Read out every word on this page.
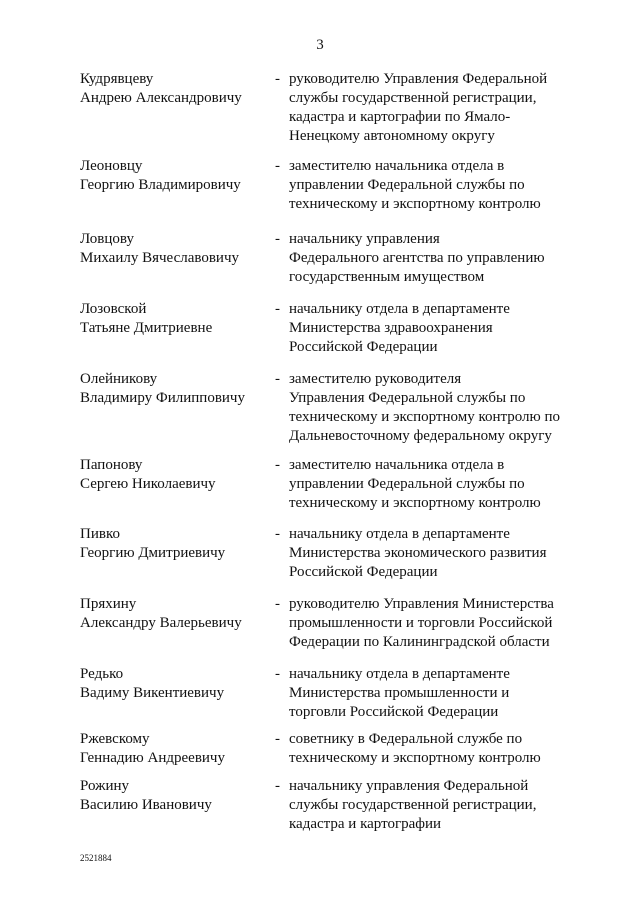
3
Кудрявцеву
Андрею Александровичу
- руководителю Управления Федеральной
службы государственной регистрации,
кадастра и картографии по Ямало-
Ненецкому автономному округу
Леоновцу
Георгию Владимировичу
- заместителю начальника отдела в
управлении Федеральной службы по
техническому и экспортному контролю
Ловцову
Михаилу Вячеславовичу
- начальнику управления
Федерального агентства по управлению
государственным имуществом
Лозовской
Татьяне Дмитриевне
- начальнику отдела в департаменте
Министерства здравоохранения
Российской Федерации
Олейникову
Владимиру Филипповичу
- заместителю руководителя
Управления Федеральной службы по
техническому и экспортному контролю по
Дальневосточному федеральному округу
Папонову
Сергею Николаевичу
- заместителю начальника отдела в
управлении Федеральной службы по
техническому и экспортному контролю
Пивко
Георгию Дмитриевичу
- начальнику отдела в департаменте
Министерства экономического развития
Российской Федерации
Пряхину
Александру Валерьевичу
- руководителю Управления Министерства
промышленности и торговли Российской
Федерации по Калининградской области
Редько
Вадиму Викентиевичу
- начальнику отдела в департаменте
Министерства промышленности и
торговли Российской Федерации
Ржевскому
Геннадию Андреевичу
- советнику в Федеральной службе по
техническому и экспортному контролю
Рожину
Василию Ивановичу
- начальнику управления Федеральной
службы государственной регистрации,
кадастра и картографии
2521884
